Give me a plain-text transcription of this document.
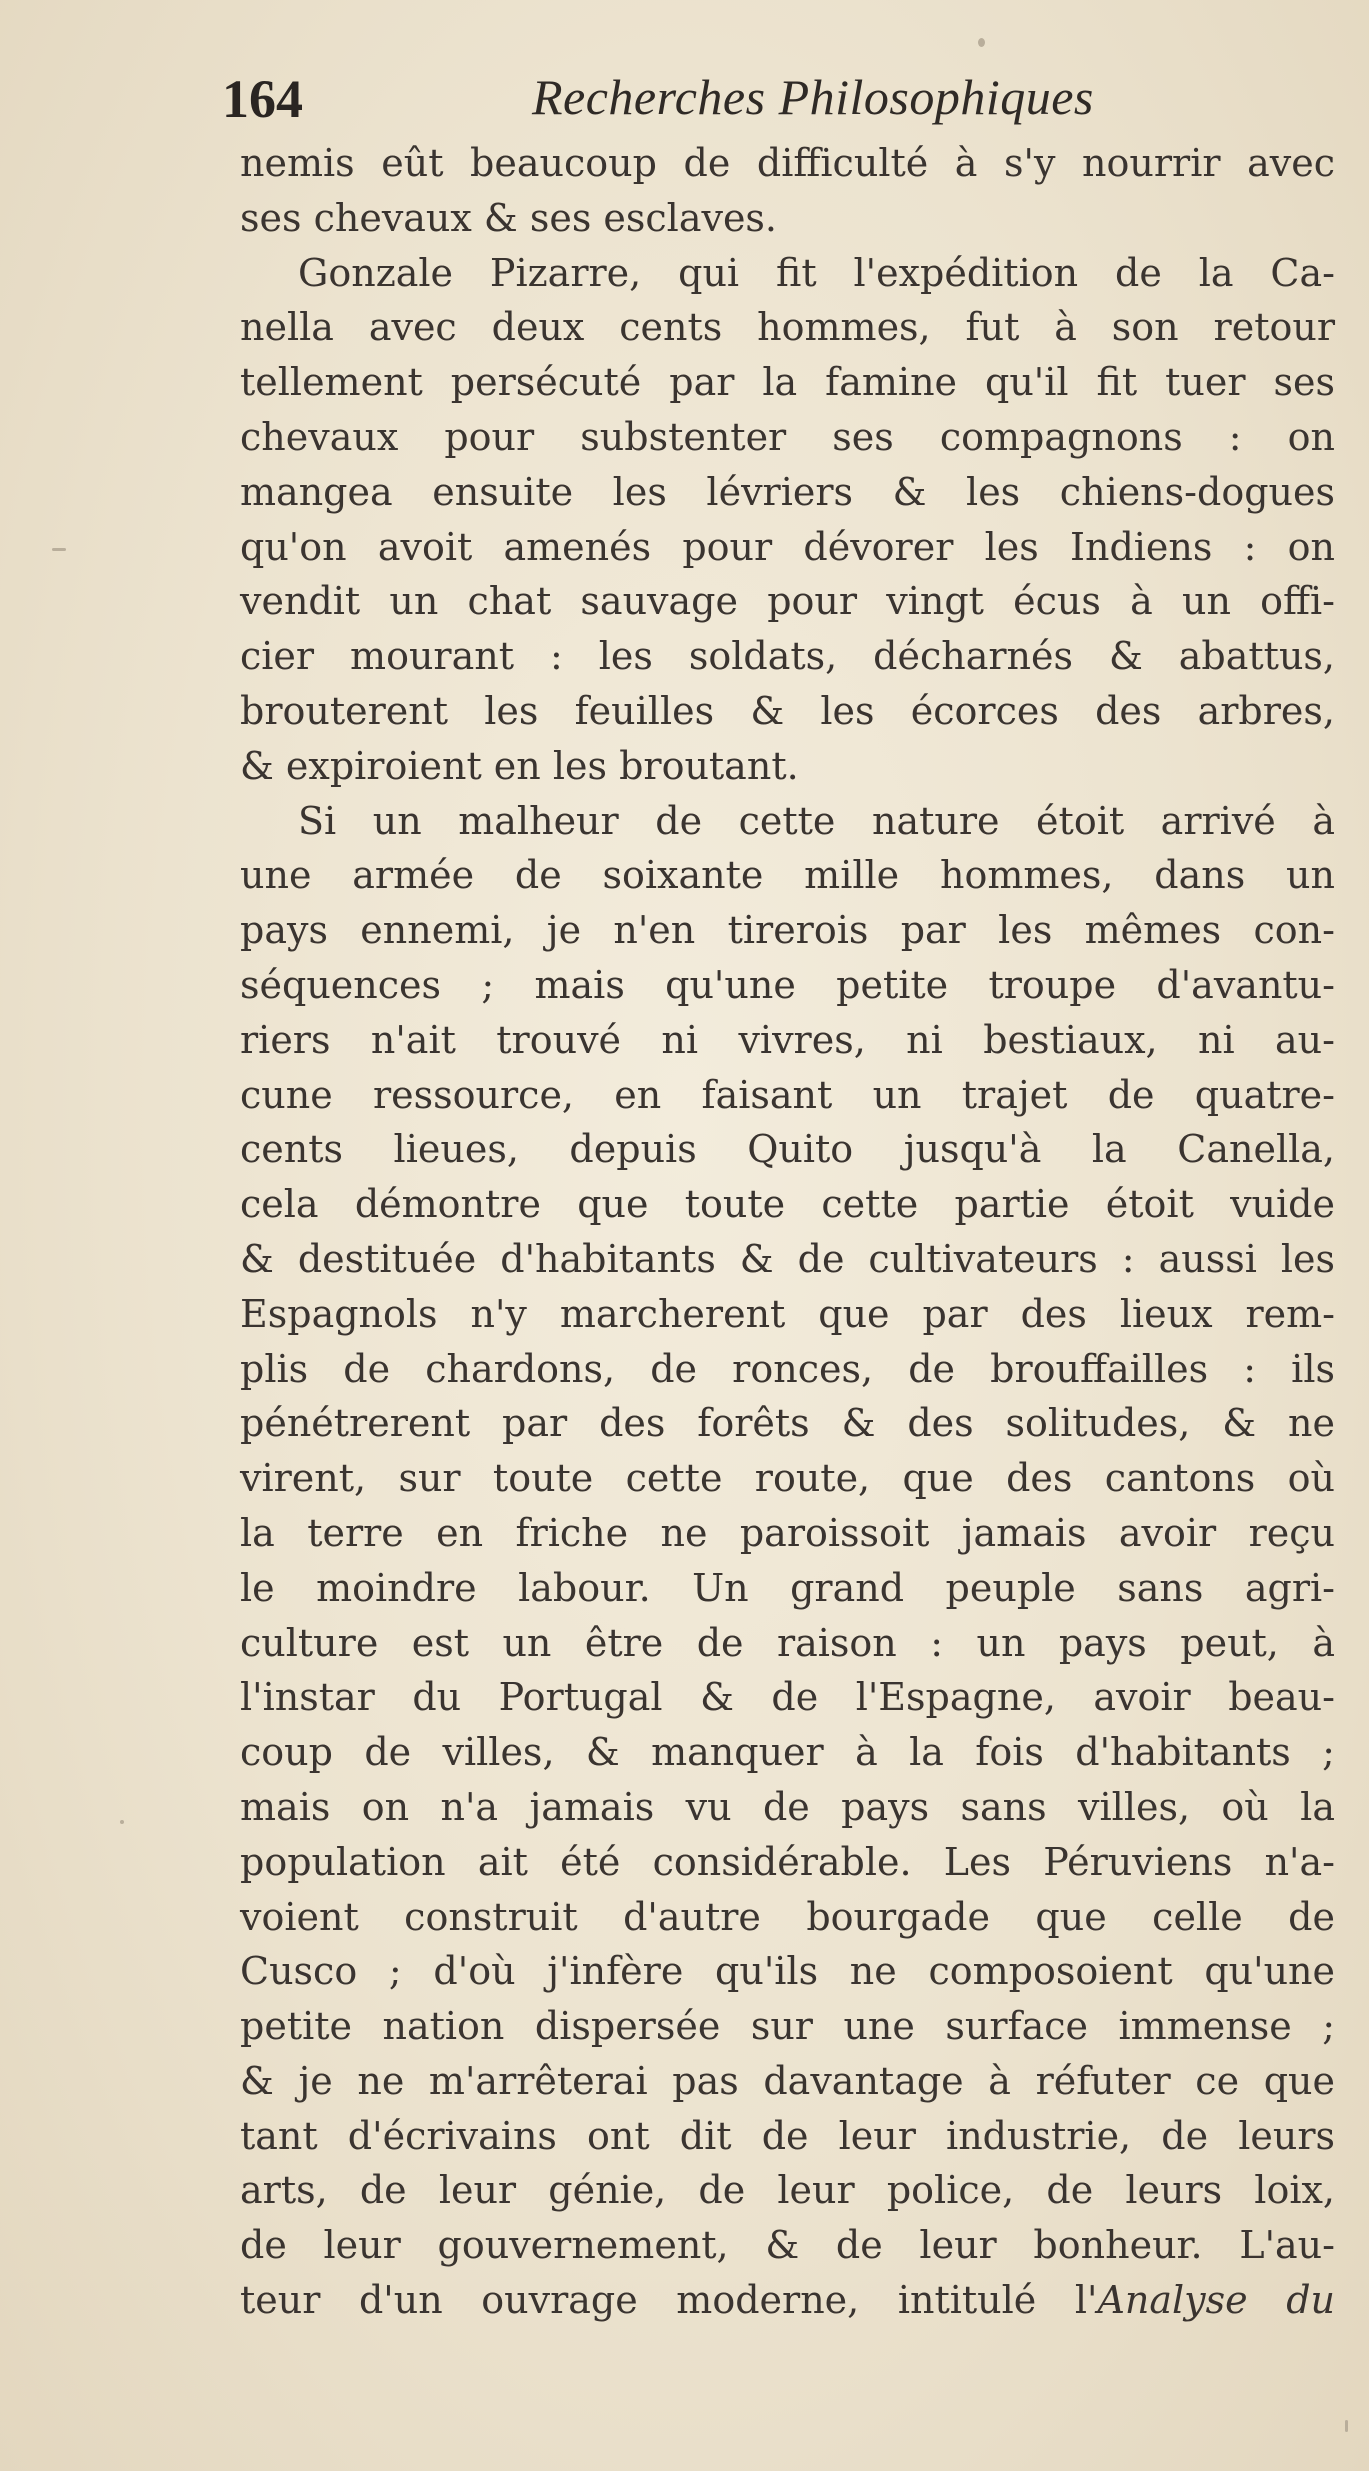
164	Recherches Philosophiques
nemis eût beaucoup de difficulté à s'y nourrir avec
ses chevaux & ses esclaves.
Gonzale Pizarre, qui fit l'expédition de la Ca-
nella avec deux cents hommes, fut à son retour
tellement persécuté par la famine qu'il fit tuer ses
chevaux pour substenter ses compagnons : on
mangea ensuite les lévriers & les chiens-dogues
qu'on avoit amenés pour dévorer les Indiens : on
vendit un chat sauvage pour vingt écus à un offi-
cier mourant : les soldats, décharnés & abattus,
brouterent les feuilles & les écorces des arbres,
& expiroient en les broutant.
Si un malheur de cette nature étoit arrivé à
une armée de soixante mille hommes, dans un
pays ennemi, je n'en tirerois par les mêmes con-
séquences ; mais qu'une petite troupe d'avantu-
riers n'ait trouvé ni vivres, ni bestiaux, ni au-
cune ressource, en faisant un trajet de quatre-
cents lieues, depuis Quito jusqu'à la Canella,
cela démontre que toute cette partie étoit vuide
& destituée d'habitants & de cultivateurs : aussi les
Espagnols n'y marcherent que par des lieux rem-
plis de chardons, de ronces, de brouffailles : ils
pénétrerent par des forêts & des solitudes, & ne
virent, sur toute cette route, que des cantons où
la terre en friche ne paroissoit jamais avoir reçu
le moindre labour. Un grand peuple sans agri-
culture est un être de raison : un pays peut, à
l'instar du Portugal & de l'Espagne, avoir beau-
coup de villes, & manquer à la fois d'habitants ;
mais on n'a jamais vu de pays sans villes, où la
population ait été considérable. Les Péruviens n'a-
voient construit d'autre bourgade que celle de
Cusco ; d'où j'infère qu'ils ne composoient qu'une
petite nation dispersée sur une surface immense ;
& je ne m'arrêterai pas davantage à réfuter ce que
tant d'écrivains ont dit de leur industrie, de leurs
arts, de leur génie, de leur police, de leurs loix,
de leur gouvernement, & de leur bonheur. L'au-
teur d'un ouvrage moderne, intitulé l'Analyse du
